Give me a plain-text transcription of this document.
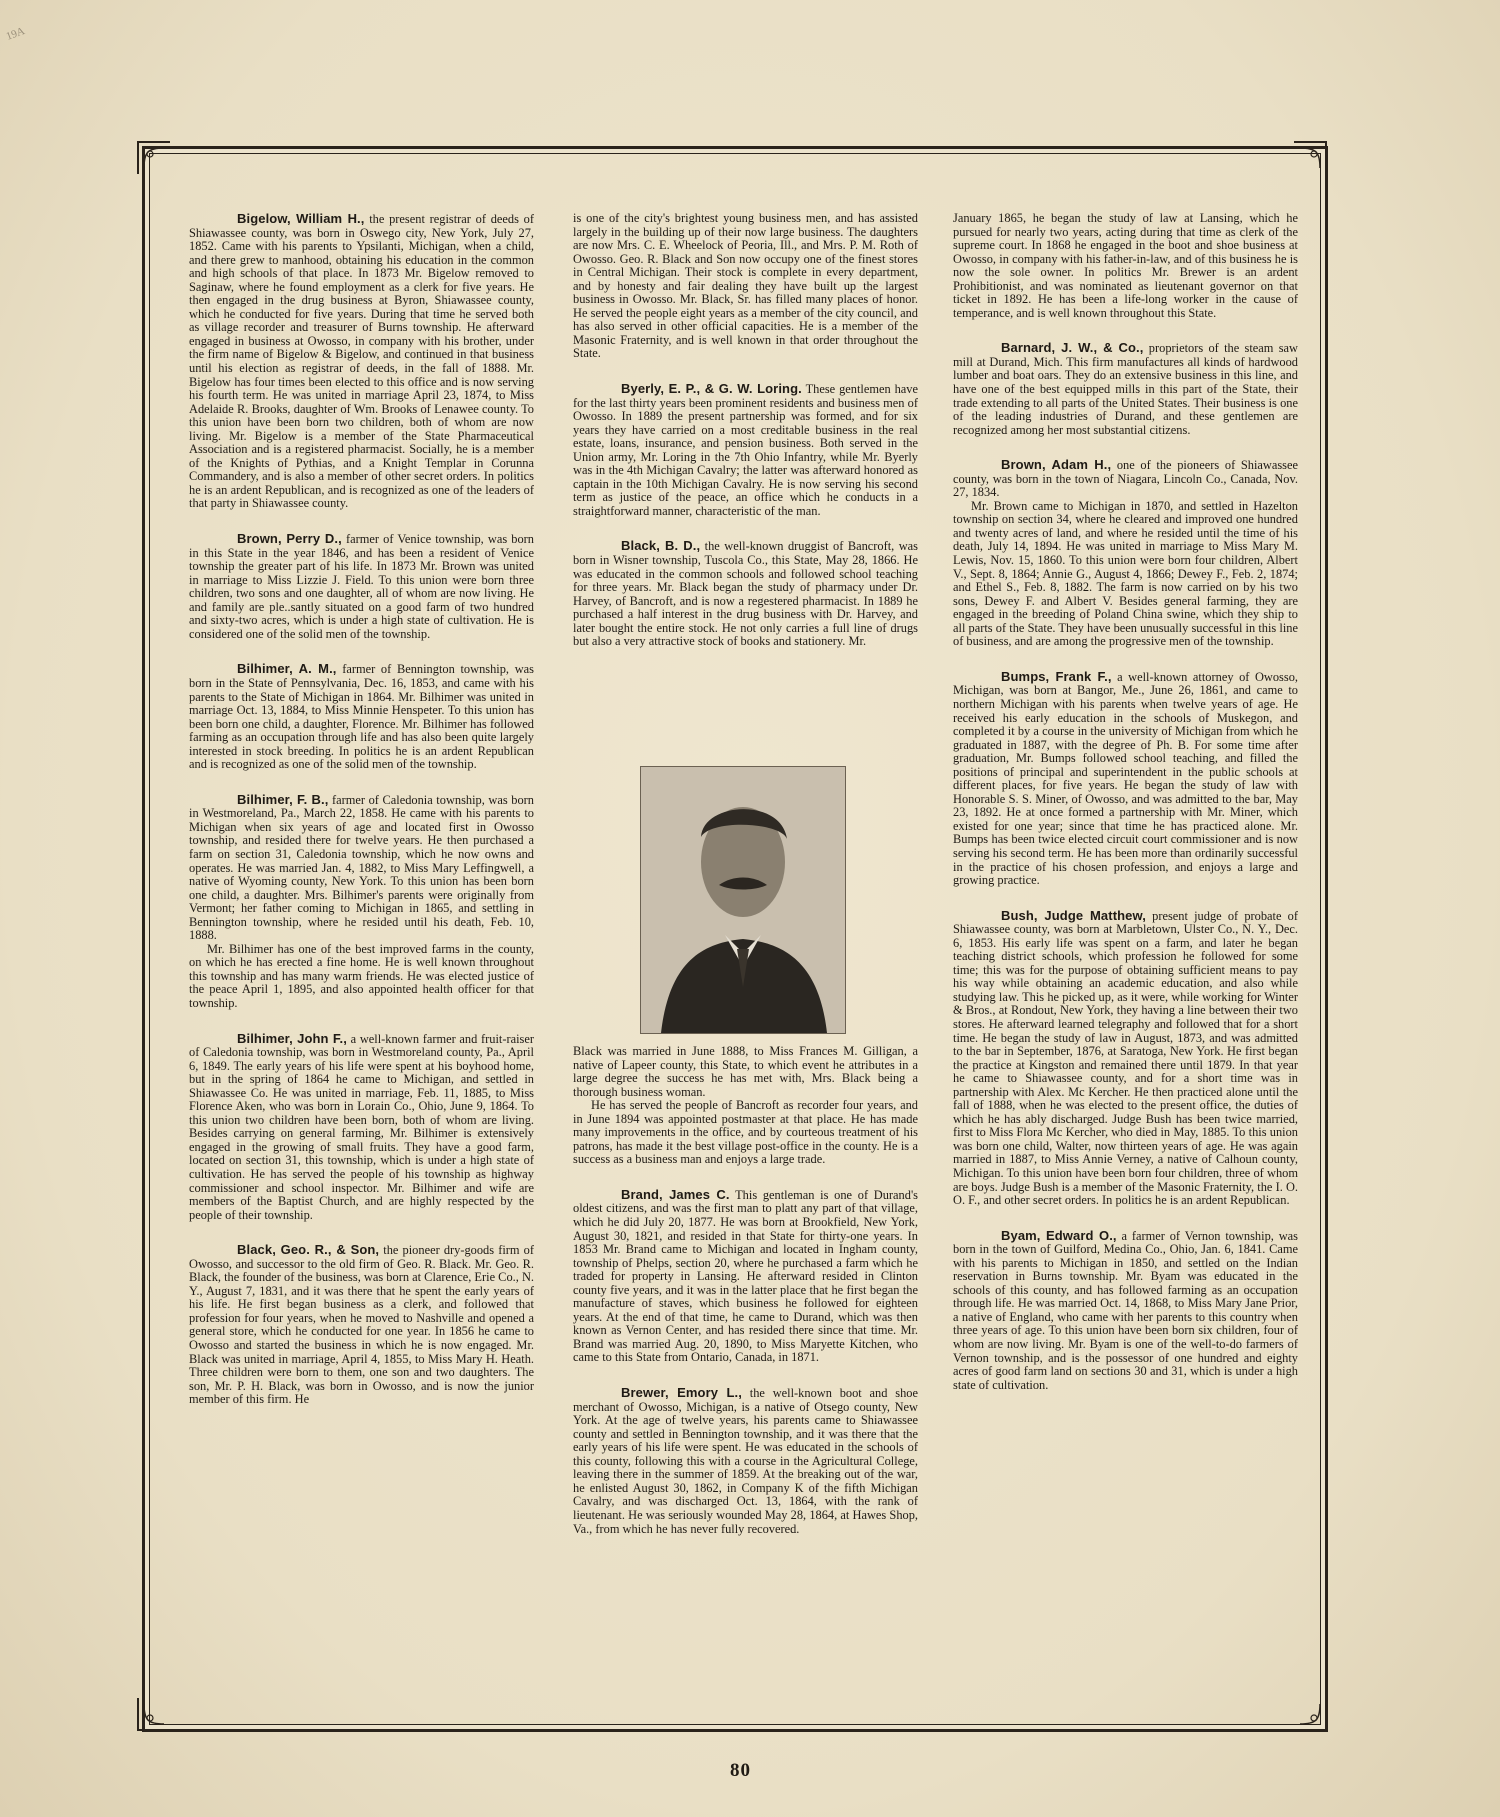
19A

Bigelow, William H., the present registrar of deeds of Shiawassee county, was born in Oswego city, New York, July 27, 1852. Came with his parents to Ypsilanti, Michigan, when a child, and there grew to manhood, obtaining his education in the common and high schools of that place. In 1873 Mr. Bigelow removed to Saginaw, where he found employment as a clerk for five years. He then engaged in the drug business at Byron, Shiawassee county, which he conducted for five years. During that time he served both as village recorder and treasurer of Burns township. He afterward engaged in business at Owosso, in company with his brother, under the firm name of Bigelow & Bigelow, and continued in that business until his election as registrar of deeds, in the fall of 1888. Mr. Bigelow has four times been elected to this office and is now serving his fourth term. He was united in marriage April 23, 1874, to Miss Adelaide R. Brooks, daughter of Wm. Brooks of Lenawee county. To this union have been born two children, both of whom are now living. Mr. Bigelow is a member of the State Pharmaceutical Association and is a registered pharmacist. Socially, he is a member of the Knights of Pythias, and a Knight Templar in Corunna Commandery, and is also a member of other secret orders. In politics he is an ardent Republican, and is recognized as one of the leaders of that party in Shiawassee county.

Brown, Perry D., farmer of Venice township, was born in this State in the year 1846, and has been a resident of Venice township the greater part of his life. In 1873 Mr. Brown was united in marriage to Miss Lizzie J. Field. To this union were born three children, two sons and one daughter, all of whom are now living. He and family are ple..santly situated on a good farm of two hundred and sixty-two acres, which is under a high state of cultivation. He is considered one of the solid men of the township.

Bilhimer, A. M., farmer of Bennington township, was born in the State of Pennsylvania, Dec. 16, 1853, and came with his parents to the State of Michigan in 1864. Mr. Bilhimer was united in marriage Oct. 13, 1884, to Miss Minnie Henspeter. To this union has been born one child, a daughter, Florence. Mr. Bilhimer has followed farming as an occupation through life and has also been quite largely interested in stock breeding. In politics he is an ardent Republican and is recognized as one of the solid men of the township.

Bilhimer, F. B., farmer of Caledonia township, was born in Westmoreland, Pa., March 22, 1858. He came with his parents to Michigan when six years of age and located first in Owosso township, and resided there for twelve years. He then purchased a farm on section 31, Caledonia township, which he now owns and operates. He was married Jan. 4, 1882, to Miss Mary Leffingwell, a native of Wyoming county, New York. To this union has been born one child, a daughter. Mrs. Bilhimer's parents were originally from Vermont; her father coming to Michigan in 1865, and settling in Bennington township, where he resided until his death, Feb. 10, 1888.

Mr. Bilhimer has one of the best improved farms in the county, on which he has erected a fine home. He is well known throughout this township and has many warm friends. He was elected justice of the peace April 1, 1895, and also appointed health officer for that township.

Bilhimer, John F., a well-known farmer and fruit-raiser of Caledonia township, was born in Westmoreland county, Pa., April 6, 1849. The early years of his life were spent at his boyhood home, but in the spring of 1864 he came to Michigan, and settled in Shiawassee Co. He was united in marriage, Feb. 11, 1885, to Miss Florence Aken, who was born in Lorain Co., Ohio, June 9, 1864. To this union two children have been born, both of whom are living. Besides carrying on general farming, Mr. Bilhimer is extensively engaged in the growing of small fruits. They have a good farm, located on section 31, this township, which is under a high state of cultivation. He has served the people of his township as highway commissioner and school inspector. Mr. Bilhimer and wife are members of the Baptist Church, and are highly respected by the people of their township.

Black, Geo. R., & Son, the pioneer dry-goods firm of Owosso, and successor to the old firm of Geo. R. Black. Mr. Geo. R. Black, the founder of the business, was born at Clarence, Erie Co., N. Y., August 7, 1831, and it was there that he spent the early years of his life. He first began business as a clerk, and followed that profession for four years, when he moved to Nashville and opened a general store, which he conducted for one year. In 1856 he came to Owosso and started the business in which he is now engaged. Mr. Black was united in marriage, April 4, 1855, to Miss Mary H. Heath. Three children were born to them, one son and two daughters. The son, Mr. P. H. Black, was born in Owosso, and is now the junior member of this firm. He

is one of the city's brightest young business men, and has assisted largely in the building up of their now large business. The daughters are now Mrs. C. E. Wheelock of Peoria, Ill., and Mrs. P. M. Roth of Owosso. Geo. R. Black and Son now occupy one of the finest stores in Central Michigan. Their stock is complete in every department, and by honesty and fair dealing they have built up the largest business in Owosso. Mr. Black, Sr. has filled many places of honor. He served the people eight years as a member of the city council, and has also served in other official capacities. He is a member of the Masonic Fraternity, and is well known in that order throughout the State.

Byerly, E. P., & G. W. Loring. These gentlemen have for the last thirty years been prominent residents and business men of Owosso. In 1889 the present partnership was formed, and for six years they have carried on a most creditable business in the real estate, loans, insurance, and pension business. Both served in the Union army, Mr. Loring in the 7th Ohio Infantry, while Mr. Byerly was in the 4th Michigan Cavalry; the latter was afterward honored as captain in the 10th Michigan Cavalry. He is now serving his second term as justice of the peace, an office which he conducts in a straightforward manner, characteristic of the man.

Black, B. D., the well-known druggist of Bancroft, was born in Wisner township, Tuscola Co., this State, May 28, 1866. He was educated in the common schools and followed school teaching for three years. Mr. Black began the study of pharmacy under Dr. Harvey, of Bancroft, and is now a regestered pharmacist. In 1889 he purchased a half interest in the drug business with Dr. Harvey, and later bought the entire stock. He not only carries a full line of drugs but also a very attractive stock of books and stationery. Mr.

Black was married in June 1888, to Miss Frances M. Gilligan, a native of Lapeer county, this State, to which event he attributes in a large degree the success he has met with, Mrs. Black being a thorough business woman.

He has served the people of Bancroft as recorder four years, and in June 1894 was appointed postmaster at that place. He has made many improvements in the office, and by courteous treatment of his patrons, has made it the best village post-office in the county. He is a success as a business man and enjoys a large trade.

Brand, James C. This gentleman is one of Durand's oldest citizens, and was the first man to platt any part of that village, which he did July 20, 1877. He was born at Brookfield, New York, August 30, 1821, and resided in that State for thirty-one years. In 1853 Mr. Brand came to Michigan and located in Ingham county, township of Phelps, section 20, where he purchased a farm which he traded for property in Lansing. He afterward resided in Clinton county five years, and it was in the latter place that he first began the manufacture of staves, which business he followed for eighteen years. At the end of that time, he came to Durand, which was then known as Vernon Center, and has resided there since that time. Mr. Brand was married Aug. 20, 1890, to Miss Maryette Kitchen, who came to this State from Ontario, Canada, in 1871.

Brewer, Emory L., the well-known boot and shoe merchant of Owosso, Michigan, is a native of Otsego county, New York. At the age of twelve years, his parents came to Shiawassee county and settled in Bennington township, and it was there that the early years of his life were spent. He was educated in the schools of this county, following this with a course in the Agricultural College, leaving there in the summer of 1859. At the breaking out of the war, he enlisted August 30, 1862, in Company K of the fifth Michigan Cavalry, and was discharged Oct. 13, 1864, with the rank of lieutenant. He was seriously wounded May 28, 1864, at Hawes Shop, Va., from which he has never fully recovered.

January 1865, he began the study of law at Lansing, which he pursued for nearly two years, acting during that time as clerk of the supreme court. In 1868 he engaged in the boot and shoe business at Owosso, in company with his father-in-law, and of this business he is now the sole owner. In politics Mr. Brewer is an ardent Prohibitionist, and was nominated as lieutenant governor on that ticket in 1892. He has been a life-long worker in the cause of temperance, and is well known throughout this State.

Barnard, J. W., & Co., proprietors of the steam saw mill at Durand, Mich. This firm manufactures all kinds of hardwood lumber and boat oars. They do an extensive business in this line, and have one of the best equipped mills in this part of the State, their trade extending to all parts of the United States. Their business is one of the leading industries of Durand, and these gentlemen are recognized among her most substantial citizens.

Brown, Adam H., one of the pioneers of Shiawassee county, was born in the town of Niagara, Lincoln Co., Canada, Nov. 27, 1834.

Mr. Brown came to Michigan in 1870, and settled in Hazelton township on section 34, where he cleared and improved one hundred and twenty acres of land, and where he resided until the time of his death, July 14, 1894. He was united in marriage to Miss Mary M. Lewis, Nov. 15, 1860. To this union were born four children, Albert V., Sept. 8, 1864; Annie G., August 4, 1866; Dewey F., Feb. 2, 1874; and Ethel S., Feb. 8, 1882. The farm is now carried on by his two sons, Dewey F. and Albert V. Besides general farming, they are engaged in the breeding of Poland China swine, which they ship to all parts of the State. They have been unusually successful in this line of business, and are among the progressive men of the township.

Bumps, Frank F., a well-known attorney of Owosso, Michigan, was born at Bangor, Me., June 26, 1861, and came to northern Michigan with his parents when twelve years of age. He received his early education in the schools of Muskegon, and completed it by a course in the university of Michigan from which he graduated in 1887, with the degree of Ph. B. For some time after graduation, Mr. Bumps followed school teaching, and filled the positions of principal and superintendent in the public schools at different places, for five years. He began the study of law with Honorable S. S. Miner, of Owosso, and was admitted to the bar, May 23, 1892. He at once formed a partnership with Mr. Miner, which existed for one year; since that time he has practiced alone. Mr. Bumps has been twice elected circuit court commissioner and is now serving his second term. He has been more than ordinarily successful in the practice of his chosen profession, and enjoys a large and growing practice.

Bush, Judge Matthew, present judge of probate of Shiawassee county, was born at Marbletown, Ulster Co., N. Y., Dec. 6, 1853. His early life was spent on a farm, and later he began teaching district schools, which profession he followed for some time; this was for the purpose of obtaining sufficient means to pay his way while obtaining an academic education, and also while studying law. This he picked up, as it were, while working for Winter & Bros., at Rondout, New York, they having a line between their two stores. He afterward learned telegraphy and followed that for a short time. He began the study of law in August, 1873, and was admitted to the bar in September, 1876, at Saratoga, New York. He first began the practice at Kingston and remained there until 1879. In that year he came to Shiawassee county, and for a short time was in partnership with Alex. Mc Kercher. He then practiced alone until the fall of 1888, when he was elected to the present office, the duties of which he has ably discharged. Judge Bush has been twice married, first to Miss Flora Mc Kercher, who died in May, 1885. To this union was born one child, Walter, now thirteen years of age. He was again married in 1887, to Miss Annie Verney, a native of Calhoun county, Michigan. To this union have been born four children, three of whom are boys. Judge Bush is a member of the Masonic Fraternity, the I. O. O. F., and other secret orders. In politics he is an ardent Republican.

Byam, Edward O., a farmer of Vernon township, was born in the town of Guilford, Medina Co., Ohio, Jan. 6, 1841. Came with his parents to Michigan in 1850, and settled on the Indian reservation in Burns township. Mr. Byam was educated in the schools of this county, and has followed farming as an occupation through life. He was married Oct. 14, 1868, to Miss Mary Jane Prior, a native of England, who came with her parents to this country when three years of age. To this union have been born six children, four of whom are now living. Mr. Byam is one of the well-to-do farmers of Vernon township, and is the possessor of one hundred and eighty acres of good farm land on sections 30 and 31, which is under a high state of cultivation.

80
